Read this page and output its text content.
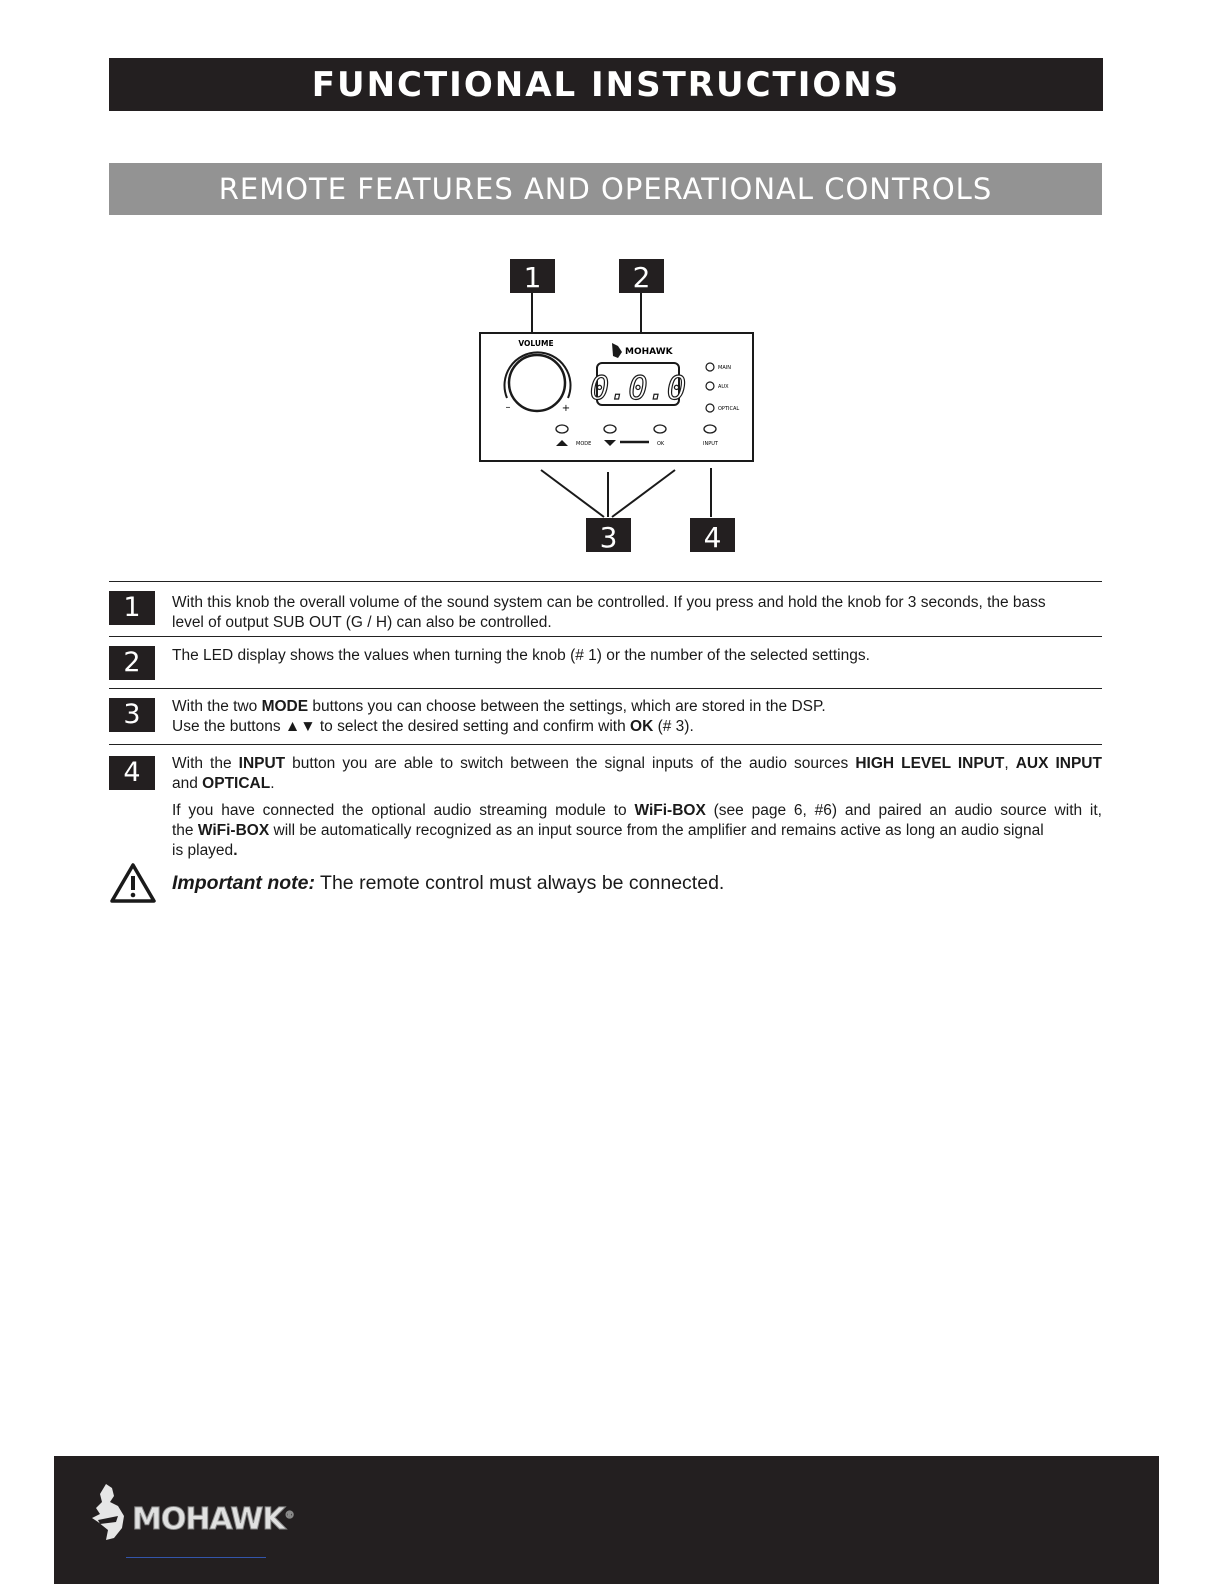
FUNCTIONAL INSTRUCTIONS
REMOTE FEATURES AND OPERATIONAL CONTROLS
1	2
3	4
VOLUME
–	+
MOHAWK
0.0.0
MAIN
AUX
OPTICAL
MODE	OK	INPUT
1	With this knob the overall volume of the sound system can be controlled. If you press and hold the knob for 3 seconds, the bass
level of output SUB OUT (G / H) can also be controlled.
2	The LED display shows the values when turning the knob (# 1) or the number of the selected settings.
3	With the two MODE buttons you can choose between the settings, which are stored in the DSP.
Use the buttons ▲▼ to select the desired setting and confirm with OK (# 3).
4	With the INPUT button you are able to switch between the signal inputs of the audio sources HIGH LEVEL INPUT, AUX INPUT
and OPTICAL.
If you have connected the optional audio streaming module to WiFi-BOX (see page 6, #6) and paired an audio source with it,
the WiFi-BOX will be automatically recognized as an input source from the amplifier and remains active as long an audio signal
is played.
Important note: The remote control must always be connected.
MOHAWK®
